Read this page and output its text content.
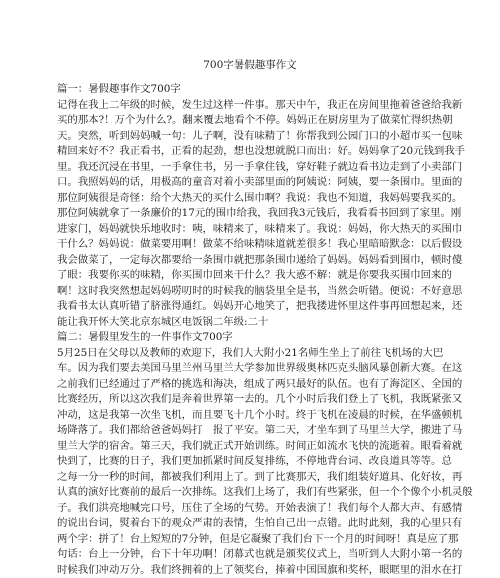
700字暑假趣事作文
篇一：暑假趣事作文700字
记得在我上二年级的时候，发生过这样一件事。那天中午，我正在房间里拖着爸爸给我新
买的那本?！万个为什么?。翻来覆去地看个不停。妈妈正在厨房里为了做菜忙得织热朝
天。突然，听到妈妈喊一句：儿子啊，没有味精了！你帮我到公园门口的小超市买一包味
精回来好不？我正看书，正看的起劲，想也没想就脱口而出：好。妈妈拿了20元钱到我手
里。我还沉浸在书里，一手拿住书，另一手拿住钱，穿好鞋子就边看书边走到了小卖部门
口。我照妈妈的话，用极高的童音对着小卖部里面的阿姨说：阿姨，要一条围巾。里面的
那位阿姨很是奇怪：给个大热天的买什么围巾啊？我说：我也不知道，我妈妈要我买的。
那位阿姨就拿了一条廉价的17元的围巾给我，我回我3元钱后，我看看书回到了家里。刚
进家门，妈妈就快乐地收时：咦，味精来了，味精来了。我说：妈妈，你大热天的买围巾
干什么？妈妈说：做菜要用啊！做菜不给味精味道就差很多！我心里暗暗默念：以后假设
我会做菜了，一定每次都要给一条围巾就把那条围巾递给了妈妈。妈妈看到围巾，顿时傻
了眼：我要你买的味精，你买围巾回来干什么？我大惑不解：就是你要我买围巾回来的
啊！这时我突然想起妈妈唠叨时的时候我的脑袋里全是书，当然会听错。便说：不好意思
我看书太认真听错了脐涨得通红。妈妈开心地笑了，把我搂进怀里这件事再回想起来，还
能让我开怀大笑北京东城区电饭锅二年级:二十
篇二：暑假里发生的一件事作文700字
5月25日在父母以及教师的欢迎下，我们人大附小21名师生坐上了前往飞机场的大巴
车。因为我们要去美国马里兰州马里兰大学参加世界级奥林匹克头脑风暴创新大赛。在这
之前我们已经通过了严格的挑选和海决，组成了两只最好的队伍。也有了海淀区、全国的
比赛经历，所以这次我们是奔着世界第一去的。几个小时后我们登上了飞机，我既紧张又
冲动，这是我第一次坐飞机，而且要飞十几个小时。终于飞机在凌晨的时候，在华盛顿机
场降落了。我们都给爸爸妈妈打　报了平安。第二天，才坐车到了马里兰大学，搬进了马
里兰大学的宿舍。第三天，我们就正式开始训练。时间正如流水飞快的流逝着。眼看着就
快到了，比赛的日子，我们更加抓紧时间反复排练，不停地背台词、改良道具等等。总
之每一分一秒的时间，都被我们利用上了。到了比赛那天，我们组装好道具、化好妆，再
认真的演好比赛前的最后一次排练。这我们上场了，我们有些紧张，但一个个像个小机灵般
子。我们洪亮地喊完口号，压住了全场的气势。开始表演了！我们每个人都大声、有感情
的说出台词，熨着台下的观众严肃的表情，生怕自己出一点错。此时此刻，我的心里只有
两个字：拼了！台上短短的7分钟，但是它凝聚了我们台下一个月的时间呀！真是应了那
句话：台上一分钟，台下十年功啊！闭幕式也就是颁奖仪式上，当听到人大附小第一名的
时候我们冲动万分。我们终拥着的上了领奖台，捧着中国国旗和奖杯，眼眶里的泪水在打
